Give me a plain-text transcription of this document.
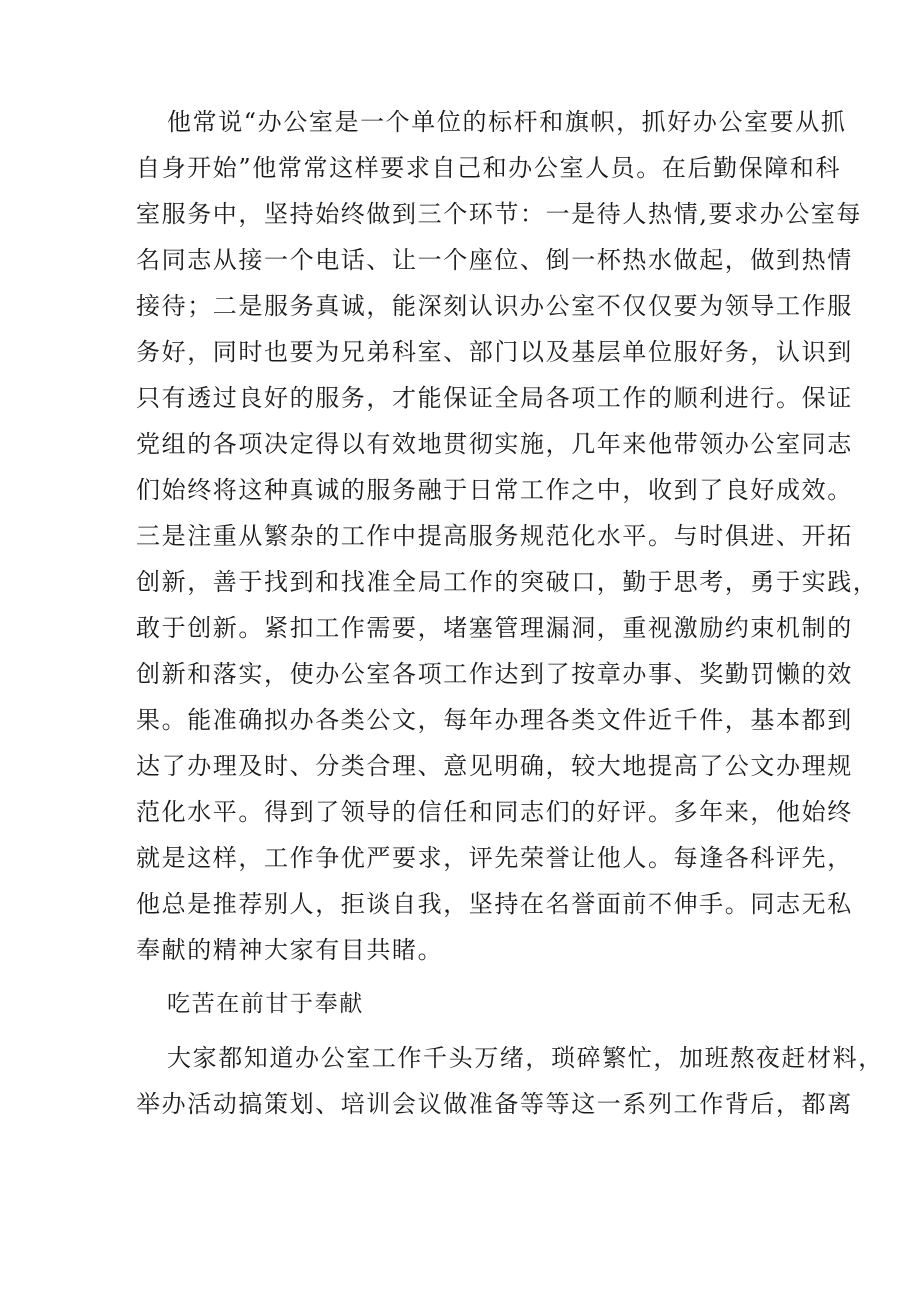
他常说“办公室是一个单位的标杆和旗帜，抓好办公室要从抓
自身开始”他常常这样要求自己和办公室人员。在后勤保障和科
室服务中，坚持始终做到三个环节：一是待人热情,要求办公室每
名同志从接一个电话、让一个座位、倒一杯热水做起，做到热情
接待；二是服务真诚，能深刻认识办公室不仅仅要为领导工作服
务好，同时也要为兄弟科室、部门以及基层单位服好务，认识到
只有透过良好的服务，才能保证全局各项工作的顺利进行。保证
党组的各项决定得以有效地贯彻实施，几年来他带领办公室同志
们始终将这种真诚的服务融于日常工作之中，收到了良好成效。
三是注重从繁杂的工作中提高服务规范化水平。与时俱进、开拓
创新，善于找到和找准全局工作的突破口，勤于思考，勇于实践，
敢于创新。紧扣工作需要，堵塞管理漏洞，重视激励约束机制的
创新和落实，使办公室各项工作达到了按章办事、奖勤罚懒的效
果。能准确拟办各类公文，每年办理各类文件近千件，基本都到
达了办理及时、分类合理、意见明确，较大地提高了公文办理规
范化水平。得到了领导的信任和同志们的好评。多年来，他始终
就是这样，工作争优严要求，评先荣誉让他人。每逢各科评先，
他总是推荐别人，拒谈自我，坚持在名誉面前不伸手。同志无私
奉献的精神大家有目共睹。
吃苦在前甘于奉献
大家都知道办公室工作千头万绪，琐碎繁忙，加班熬夜赶材料，
举办活动搞策划、培训会议做准备等等这一系列工作背后，都离
